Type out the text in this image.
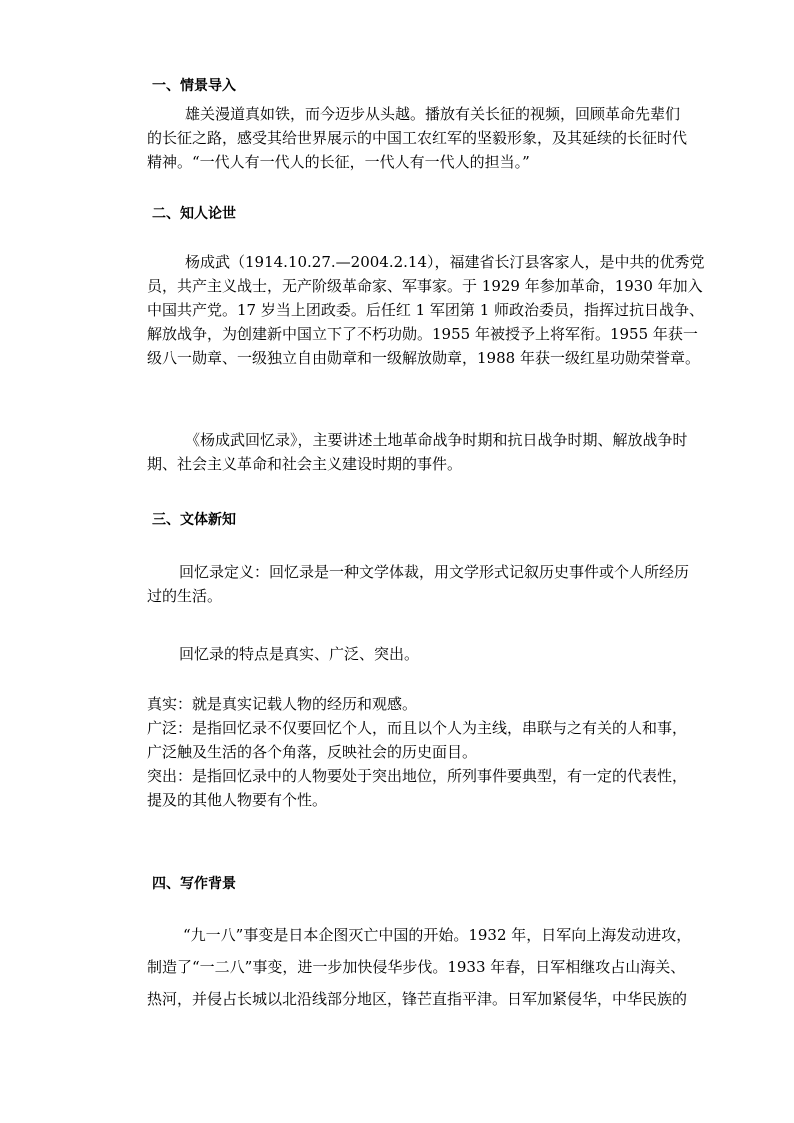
一、情景导入
雄关漫道真如铁，而今迈步从头越。播放有关长征的视频，回顾革命先辈们
的长征之路，感受其给世界展示的中国工农红军的坚毅形象，及其延续的长征时代
精神。“一代人有一代人的长征，一代人有一代人的担当。”
二、知人论世
杨成武（1914.10.27.—2004.2.14），福建省长汀县客家人，是中共的优秀党
员，共产主义战士，无产阶级革命家、军事家。于 1929 年参加革命，1930 年加入
中国共产党。17 岁当上团政委。后任红 1 军团第 1 师政治委员，指挥过抗日战争、
解放战争，为创建新中国立下了不朽功勋。1955 年被授予上将军衔。1955 年获一
级八一勋章、一级独立自由勋章和一级解放勋章，1988 年获一级红星功勋荣誉章。
《杨成武回忆录》，主要讲述土地革命战争时期和抗日战争时期、解放战争时
期、社会主义革命和社会主义建设时期的事件。
三、文体新知
回忆录定义：回忆录是一种文学体裁，用文学形式记叙历史事件或个人所经历
过的生活。
回忆录的特点是真实、广泛、突出。
真实：就是真实记载人物的经历和观感。
广泛：是指回忆录不仅要回忆个人，而且以个人为主线，串联与之有关的人和事，
广泛触及生活的各个角落，反映社会的历史面目。
突出：是指回忆录中的人物要处于突出地位，所列事件要典型，有一定的代表性，
提及的其他人物要有个性。
四、写作背景
“九一八”事变是日本企图灭亡中国的开始。1932 年，日军向上海发动进攻，
制造了“一二八”事变，进一步加快侵华步伐。1933 年春，日军相继攻占山海关、
热河，并侵占长城以北沿线部分地区，锋芒直指平津。日军加紧侵华，中华民族的
